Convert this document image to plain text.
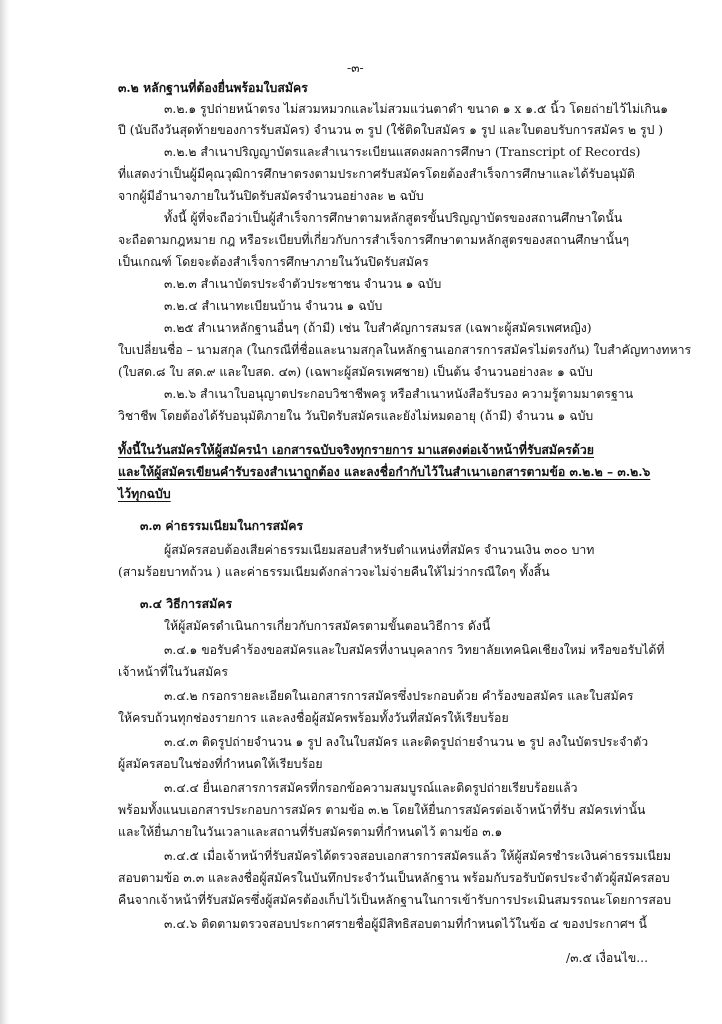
-๓-
๓.๒ หลักฐานที่ต้องยื่นพร้อมใบสมัคร
๓.๒.๑ รูปถ่ายหน้าตรง ไม่สวมหมวกและไม่สวมแว่นตาดำ ขนาด ๑ x ๑.๕ นิ้ว โดยถ่ายไว้ไม่เกิน๑
ปี (นับถึงวันสุดท้ายของการรับสมัคร) จำนวน ๓ รูป (ใช้ติดใบสมัคร ๑ รูป และใบตอบรับการสมัคร ๒ รูป )
๓.๒.๒ สำเนาปริญญาบัตรและสำเนาระเบียนแสดงผลการศึกษา (Transcript of Records)
ที่แสดงว่าเป็นผู้มีคุณวุฒิการศึกษาตรงตามประกาศรับสมัครโดยต้องสำเร็จการศึกษาและได้รับอนุมัติ
จากผู้มีอำนาจภายในวันปิดรับสมัครจำนวนอย่างละ ๒ ฉบับ
ทั้งนี้ ผู้ที่จะถือว่าเป็นผู้สำเร็จการศึกษาตามหลักสูตรขั้นปริญญาบัตรของสถานศึกษาใดนั้น
จะถือตามกฎหมาย กฎ หรือระเบียบที่เกี่ยวกับการสำเร็จการศึกษาตามหลักสูตรของสถานศึกษานั้นๆ
เป็นเกณฑ์ โดยจะต้องสำเร็จการศึกษาภายในวันปิดรับสมัคร
๓.๒.๓ สำเนาบัตรประจำตัวประชาชน จำนวน ๑ ฉบับ
๓.๒.๔ สำเนาทะเบียนบ้าน จำนวน ๑ ฉบับ
๓.๒๕ สำเนาหลักฐานอื่นๆ (ถ้ามี) เช่น ใบสำคัญการสมรส (เฉพาะผู้สมัครเพศหญิง)
ใบเปลี่ยนชื่อ – นามสกุล (ในกรณีที่ชื่อและนามสกุลในหลักฐานเอกสารการสมัครไม่ตรงกัน) ใบสำคัญทางทหาร
(ใบสด.๘ ใบ สด.๙ และใบสด. ๔๓) (เฉพาะผู้สมัครเพศชาย) เป็นต้น จำนวนอย่างละ ๑ ฉบับ
๓.๒.๖ สำเนาใบอนุญาตประกอบวิชาชีพครู หรือสำเนาหนังสือรับรอง ความรู้ตามมาตรฐาน
วิชาชีพ โดยต้องได้รับอนุมัติภายใน วันปิดรับสมัครและยังไม่หมดอายุ (ถ้ามี) จำนวน ๑ ฉบับ
ทั้งนี้ในวันสมัครให้ผู้สมัครนำ เอกสารฉบับจริงทุกรายการ มาแสดงต่อเจ้าหน้าที่รับสมัครด้วย
และให้ผู้สมัครเขียนคำรับรองสำเนาถูกต้อง และลงชื่อกำกับไว้ในสำเนาเอกสารตามข้อ ๓.๒.๒ – ๓.๒.๖
ไว้ทุกฉบับ
๓.๓ ค่าธรรมเนียมในการสมัคร
ผู้สมัครสอบต้องเสียค่าธรรมเนียมสอบสำหรับตำแหน่งที่สมัคร จำนวนเงิน ๓๐๐ บาท
(สามร้อยบาทถ้วน ) และค่าธรรมเนียมดังกล่าวจะไม่จ่ายคืนให้ไม่ว่ากรณีใดๆ ทั้งสิ้น
๓.๔ วิธีการสมัคร
ให้ผู้สมัครดำเนินการเกี่ยวกับการสมัครตามขั้นตอนวิธีการ ดังนี้
๓.๔.๑ ขอรับคำร้องขอสมัครและใบสมัครที่งานบุคลากร วิทยาลัยเทคนิคเชียงใหม่ หรือขอรับได้ที่
เจ้าหน้าที่ในวันสมัคร
๓.๔.๒ กรอกรายละเอียดในเอกสารการสมัครซึ่งประกอบด้วย คำร้องขอสมัคร และใบสมัคร
ให้ครบถ้วนทุกช่องรายการ และลงชื่อผู้สมัครพร้อมทั้งวันที่สมัครให้เรียบร้อย
๓.๔.๓ ติดรูปถ่ายจำนวน ๑ รูป ลงในใบสมัคร และติดรูปถ่ายจำนวน ๒ รูป ลงในบัตรประจำตัว
ผู้สมัครสอบในช่องที่กำหนดให้เรียบร้อย
๓.๔.๔ ยื่นเอกสารการสมัครที่กรอกข้อความสมบูรณ์และติดรูปถ่ายเรียบร้อยแล้ว
พร้อมทั้งแนบเอกสารประกอบการสมัคร ตามข้อ ๓.๒ โดยให้ยื่นการสมัครต่อเจ้าหน้าที่รับ สมัครเท่านั้น
และให้ยื่นภายในวันเวลาและสถานที่รับสมัครตามที่กำหนดไว้ ตามข้อ ๓.๑
๓.๔.๕ เมื่อเจ้าหน้าที่รับสมัครได้ตรวจสอบเอกสารการสมัครแล้ว ให้ผู้สมัครชำระเงินค่าธรรมเนียม
สอบตามข้อ ๓.๓ และลงชื่อผู้สมัครในบันทึกประจำวันเป็นหลักฐาน พร้อมกับรอรับบัตรประจำตัวผู้สมัครสอบ
คืนจากเจ้าหน้าที่รับสมัครซึ่งผู้สมัครต้องเก็บไว้เป็นหลักฐานในการเข้ารับการประเมินสมรรถนะโดยการสอบ
๓.๔.๖ ติดตามตรวจสอบประกาศรายชื่อผู้มีสิทธิสอบตามที่กำหนดไว้ในข้อ ๔ ของประกาศฯ นี้
/๓.๕ เงื่อนไข...
